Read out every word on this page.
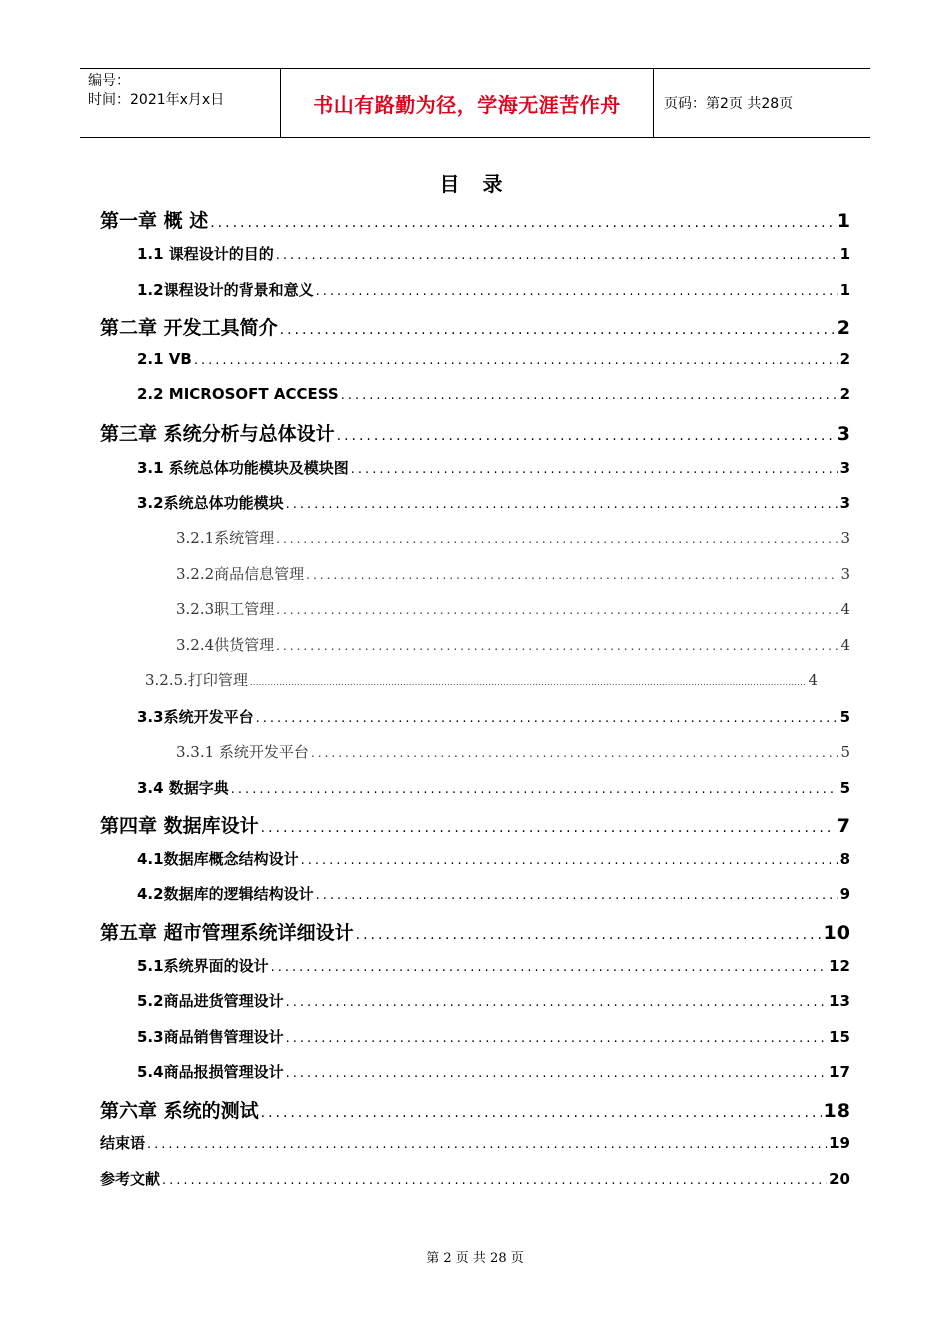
编号：
时间：2021年x月x日	书山有路勤为径，学海无涯苦作舟	页码：第2页 共28页
目 录
第一章 概 述 .....	1
1.1 课程设计的目的 .....	1
1.2课程设计的背景和意义 .....	1
第二章 开发工具简介 .....	2
2.1 VB .....	2
2.2 MICROSOFT ACCESS .....	2
第三章 系统分析与总体设计 .....	3
3.1 系统总体功能模块及模块图 .....	3
3.2系统总体功能模块 .....	3
3.2.1系统管理 .....	3
3.2.2商品信息管理 .....	3
3.2.3职工管理 .....	4
3.2.4供货管理 .....	4
3.2.5.打印管理 .....	4
3.3系统开发平台 .....	5
3.3.1 系统开发平台 .....	5
3.4 数据字典 .....	5
第四章 数据库设计 .....	7
4.1数据库概念结构设计 .....	8
4.2数据库的逻辑结构设计 .....	9
第五章 超市管理系统详细设计 .....	10
5.1系统界面的设计 .....	12
5.2商品进货管理设计 .....	13
5.3商品销售管理设计 .....	15
5.4商品报损管理设计 .....	17
第六章 系统的测试 .....	18
结束语 .....	19
参考文献 .....	20
第 2 页 共 28 页
